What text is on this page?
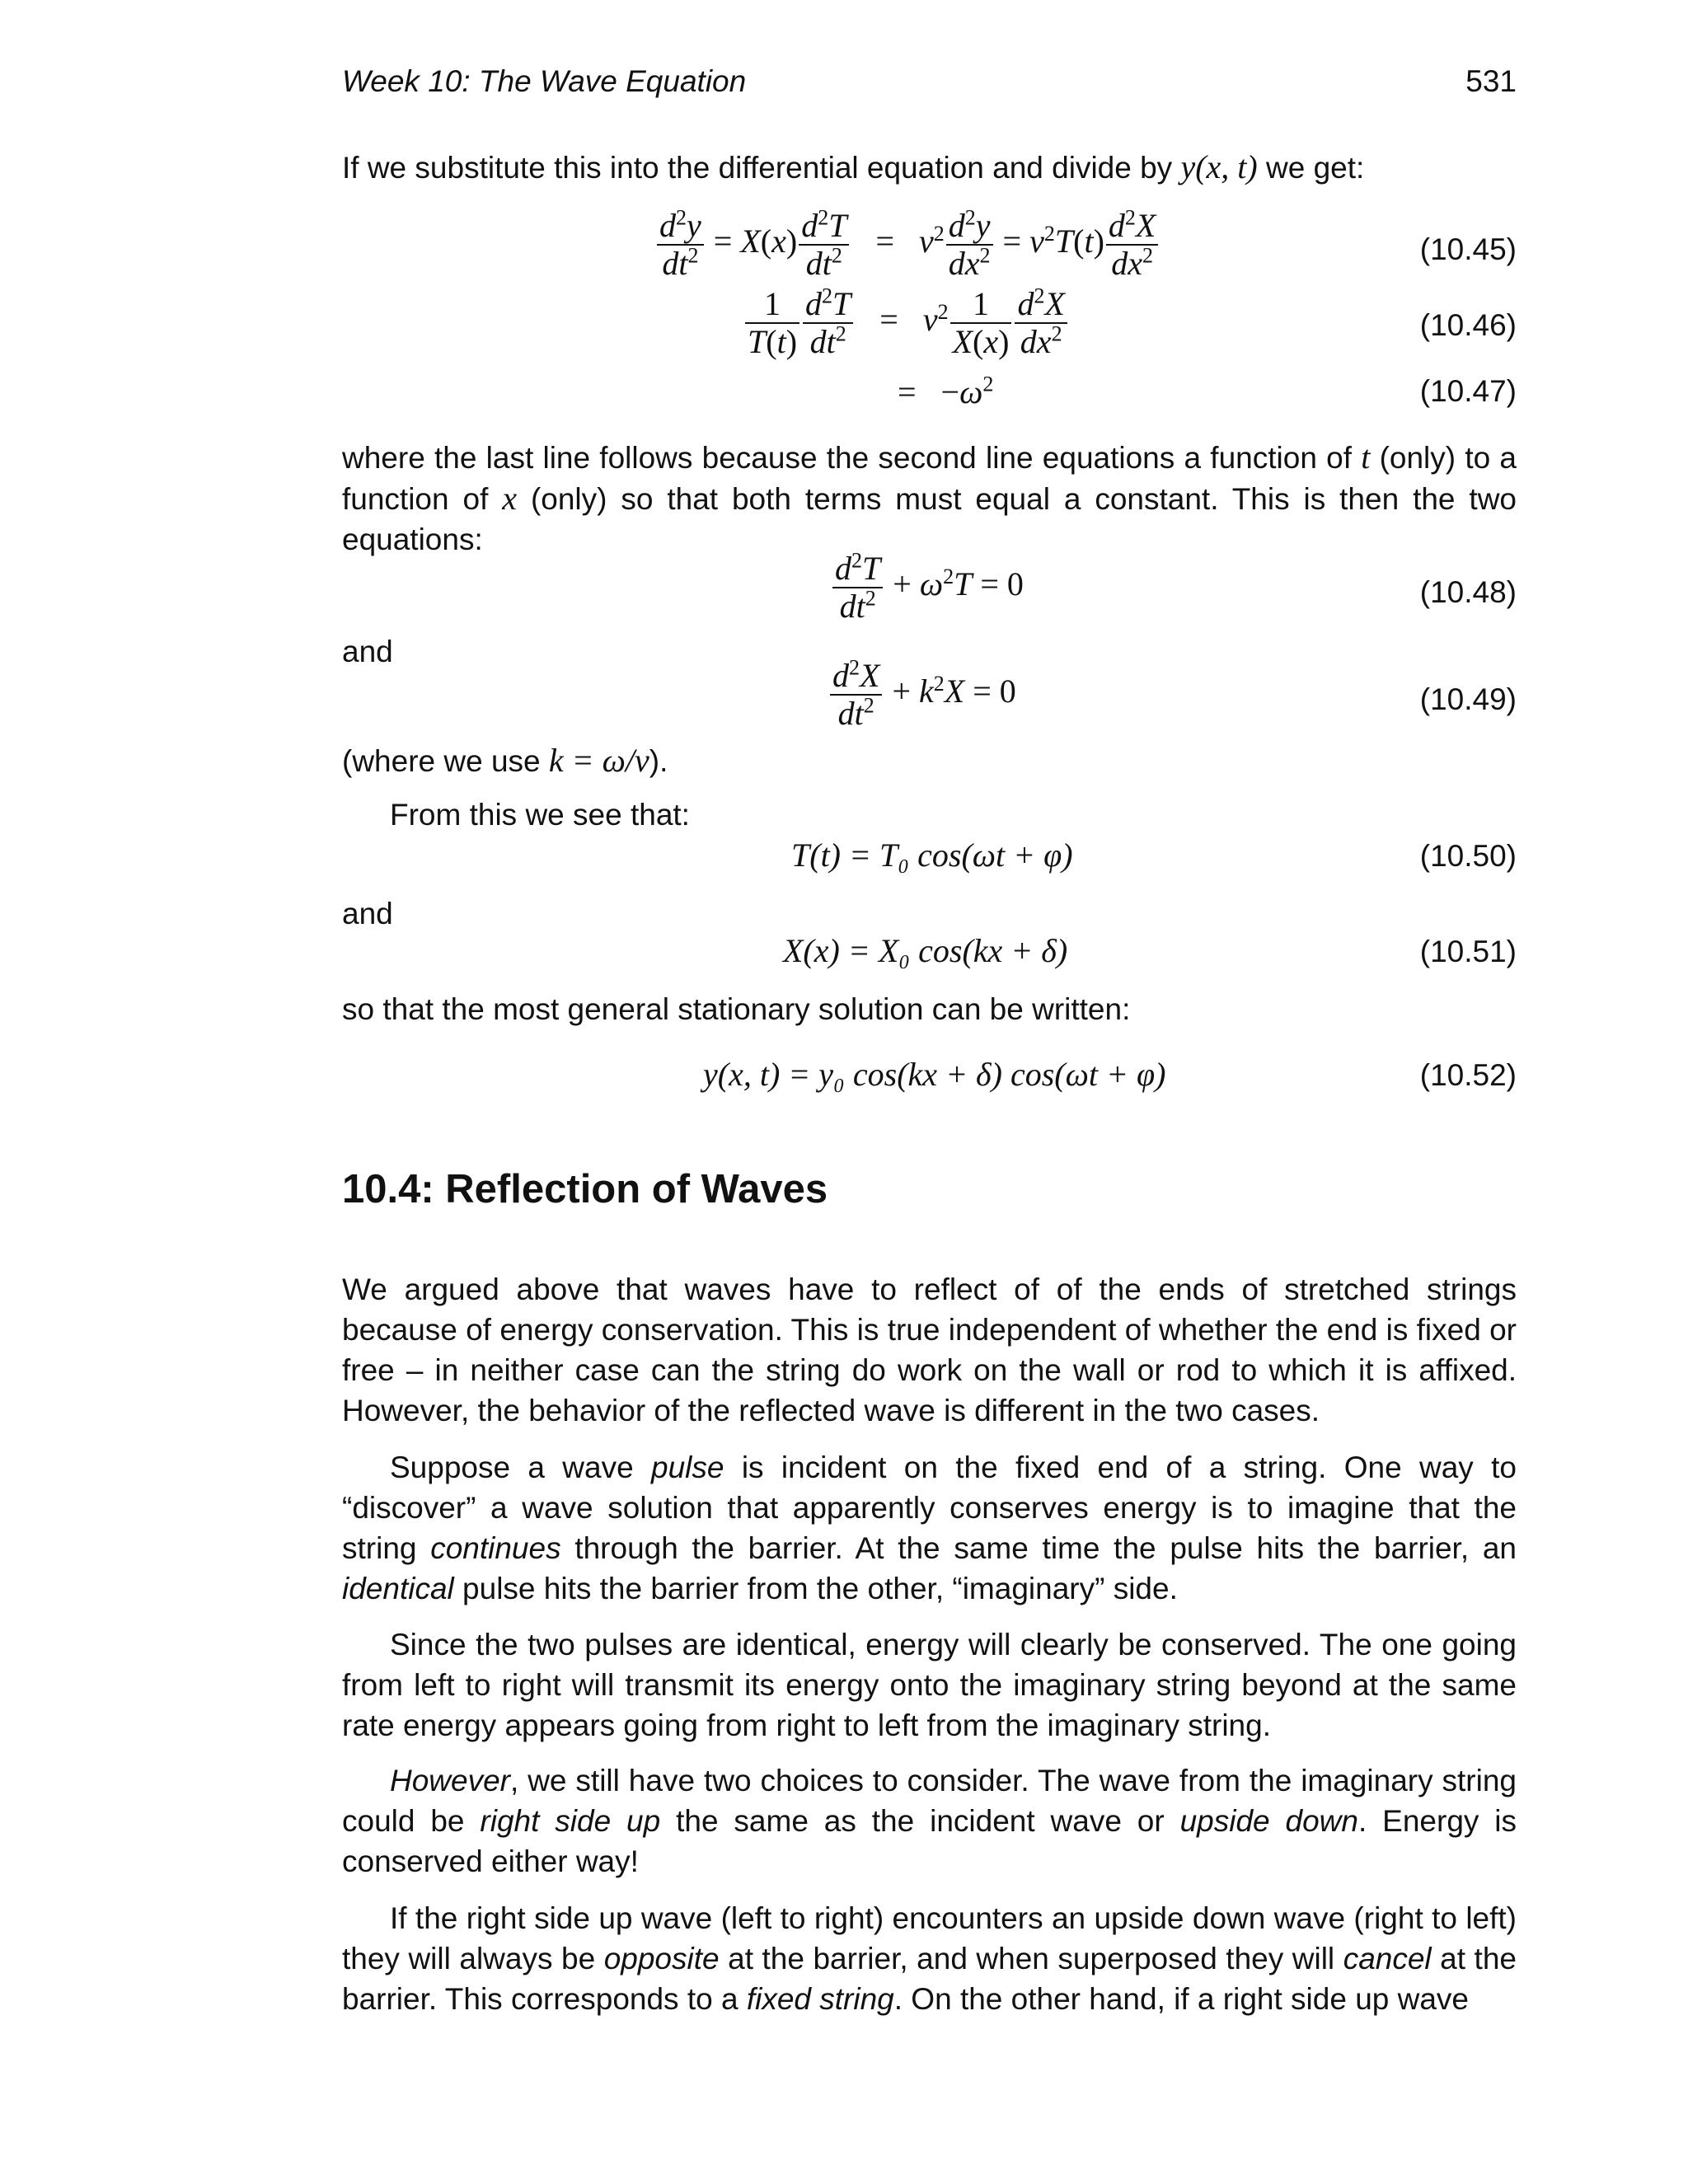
Week 10: The Wave Equation	531
If we substitute this into the differential equation and divide by y(x, t) we get:
$\frac{d^2y}{dt^2} = X(x) \frac{d^2T}{dt^2} = v^2 \frac{d^2y}{dx^2} = v^2T(t) \frac{d^2X}{dx^2}$	(10.45)
$\frac{1}{T(t)} \frac{d^2T}{dt^2} = v^2 \frac{1}{X(x)} \frac{d^2X}{dx^2}$	(10.46)
=   $-\omega^2$	(10.47)
where the last line follows because the second line equations a function of t (only) to a function of x (only) so that both terms must equal a constant. This is then the two equations:
$\frac{d^2T}{dt^2} + \omega^2T = 0$	(10.48)
and
$\frac{d^2X}{dt^2} + k^2X = 0$	(10.49)
(where we use k = ω/v).
From this we see that:
T(t) = T₀ cos(ωt + φ)	(10.50)
and
X(x) = X₀ cos(kx + δ)	(10.51)
so that the most general stationary solution can be written:
y(x, t) = y₀ cos(kx + δ) cos(ωt + φ)	(10.52)
10.4: Reflection of Waves
We argued above that waves have to reflect of of the ends of stretched strings because of energy conservation. This is true independent of whether the end is fixed or free – in neither case can the string do work on the wall or rod to which it is affixed. However, the behavior of the reflected wave is different in the two cases.
Suppose a wave pulse is incident on the fixed end of a string. One way to “discover” a wave solution that apparently conserves energy is to imagine that the string continues through the barrier. At the same time the pulse hits the barrier, an identical pulse hits the barrier from the other, “imaginary” side.
Since the two pulses are identical, energy will clearly be conserved. The one going from left to right will transmit its energy onto the imaginary string beyond at the same rate energy appears going from right to left from the imaginary string.
However, we still have two choices to consider. The wave from the imaginary string could be right side up the same as the incident wave or upside down. Energy is conserved either way!
If the right side up wave (left to right) encounters an upside down wave (right to left) they will always be opposite at the barrier, and when superposed they will cancel at the barrier. This corresponds to a fixed string. On the other hand, if a right side up wave
